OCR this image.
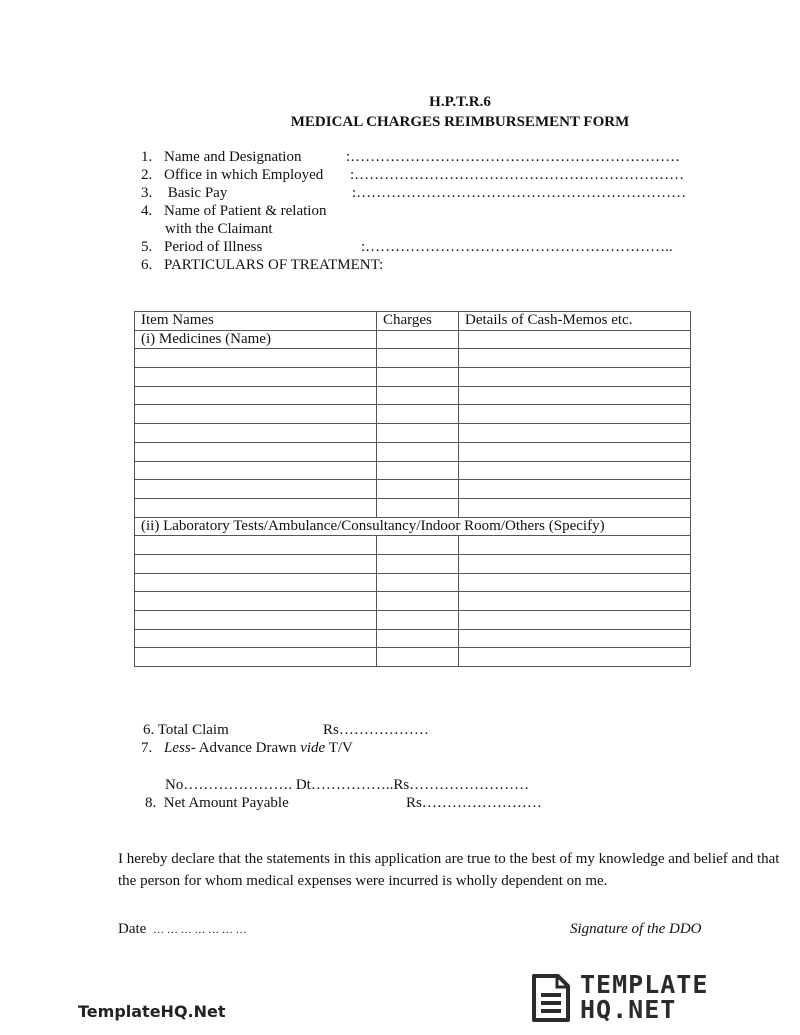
H.P.T.R.6
MEDICAL CHARGES REIMBURSEMENT FORM
1. Name and Designation	:…………………………………………………………
2. Office in which Employed :…………………………………………………………
3.  Basic Pay	:…………………………………………………………
4. Name of Patient & relation
with the Claimant
5. Period of Illness	:……………………………………………………..
6. PARTICULARS OF TREATMENT:
Item Names	Charges	Details of Cash-Memos etc.
(i) Medicines (Name)		

(ii) Laboratory Tests/Ambulance/Consultancy/Indoor Room/Others (Specify)		

6. Total Claim	Rs………………
7. Less- Advance Drawn vide T/V
No…………………. Dt……………..Rs……………………
8.  Net Amount Payable	Rs……………………
I hereby declare that the statements in this application are true to the best of my knowledge and belief and that the person for whom medical expenses were incurred is wholly dependent on me.
Date … … … … … … …	Signature of the DDO
TemplateHQ.Net
TEMPLATE
HQ.NET
